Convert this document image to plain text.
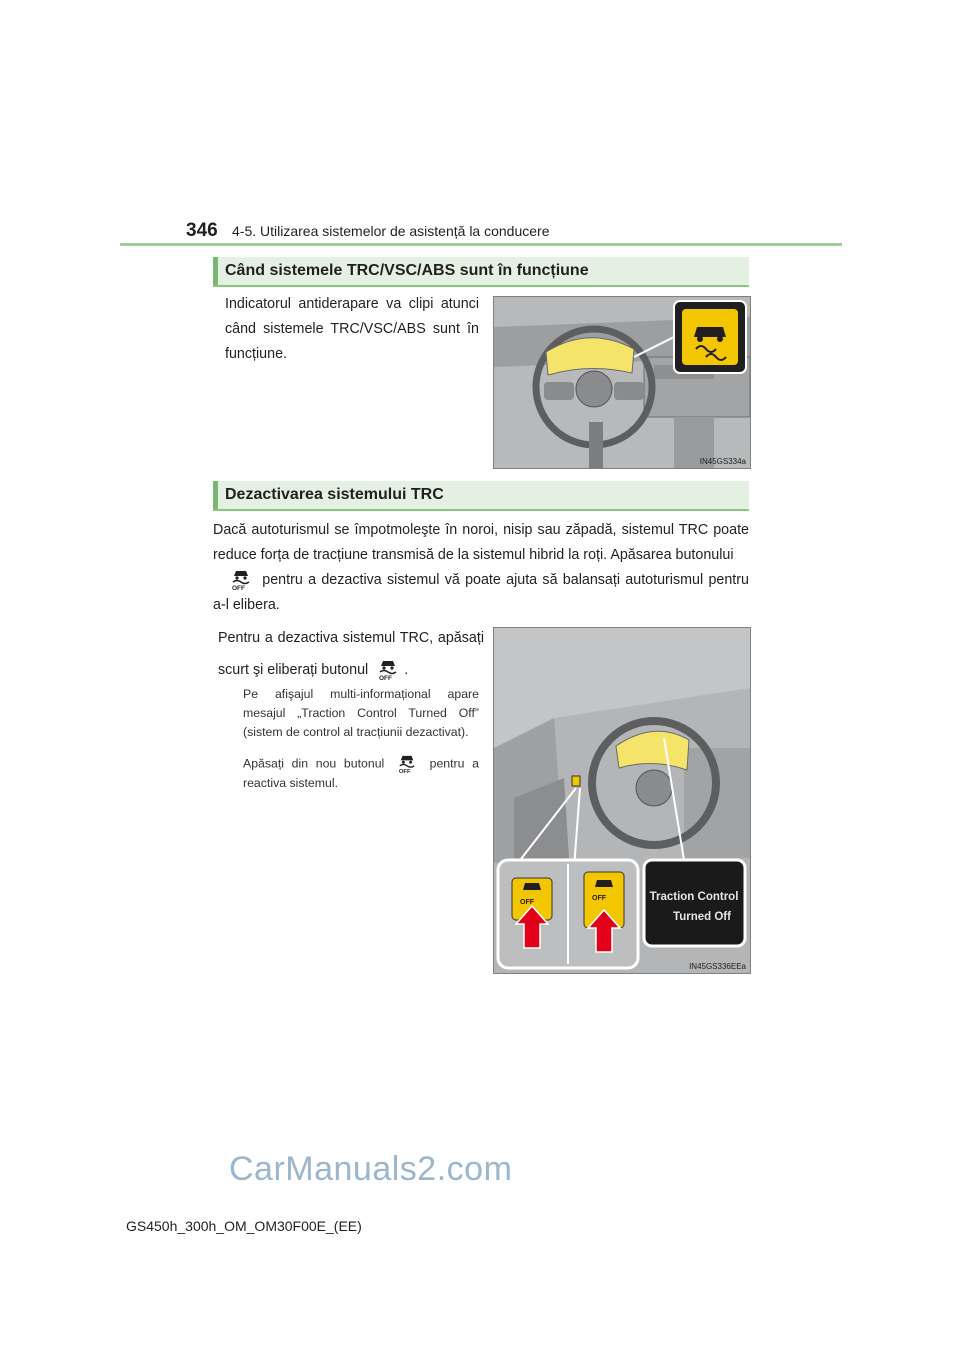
346 4-5. Utilizarea sistemelor de asistență la conducere
Când sistemele TRC/VSC/ABS sunt în funcțiune
Indicatorul antiderapare va clipi atunci când sistemele TRC/VSC/ABS sunt în funcțiune.
IN45GS334a
Dezactivarea sistemului TRC
Dacă autoturismul se împotmoleşte în noroi, nisip sau zăpadă, sistemul TRC poate reduce forța de tracțiune transmisă de la sistemul hibrid la roți. Apăsarea butonului

OFF
pentru a dezactiva sistemul vă poate ajuta să balansați autoturismul pentru a-l elibera.
Pentru a dezactiva sistemul TRC, apăsați scurt şi eliberați butonul
OFF
.
Pe afişajul multi-informațional apare mesajul „Traction Control Turned Off” (sistem de control al tracțiunii dezactivat).
Apăsați din nou butonul
OFF
pentru a reactiva sistemul.
OFF
OFF	Traction Control
Turned Off
IN45GS336EEa
CarManuals2.com
GS450h_300h_OM_OM30F00E_(EE)
